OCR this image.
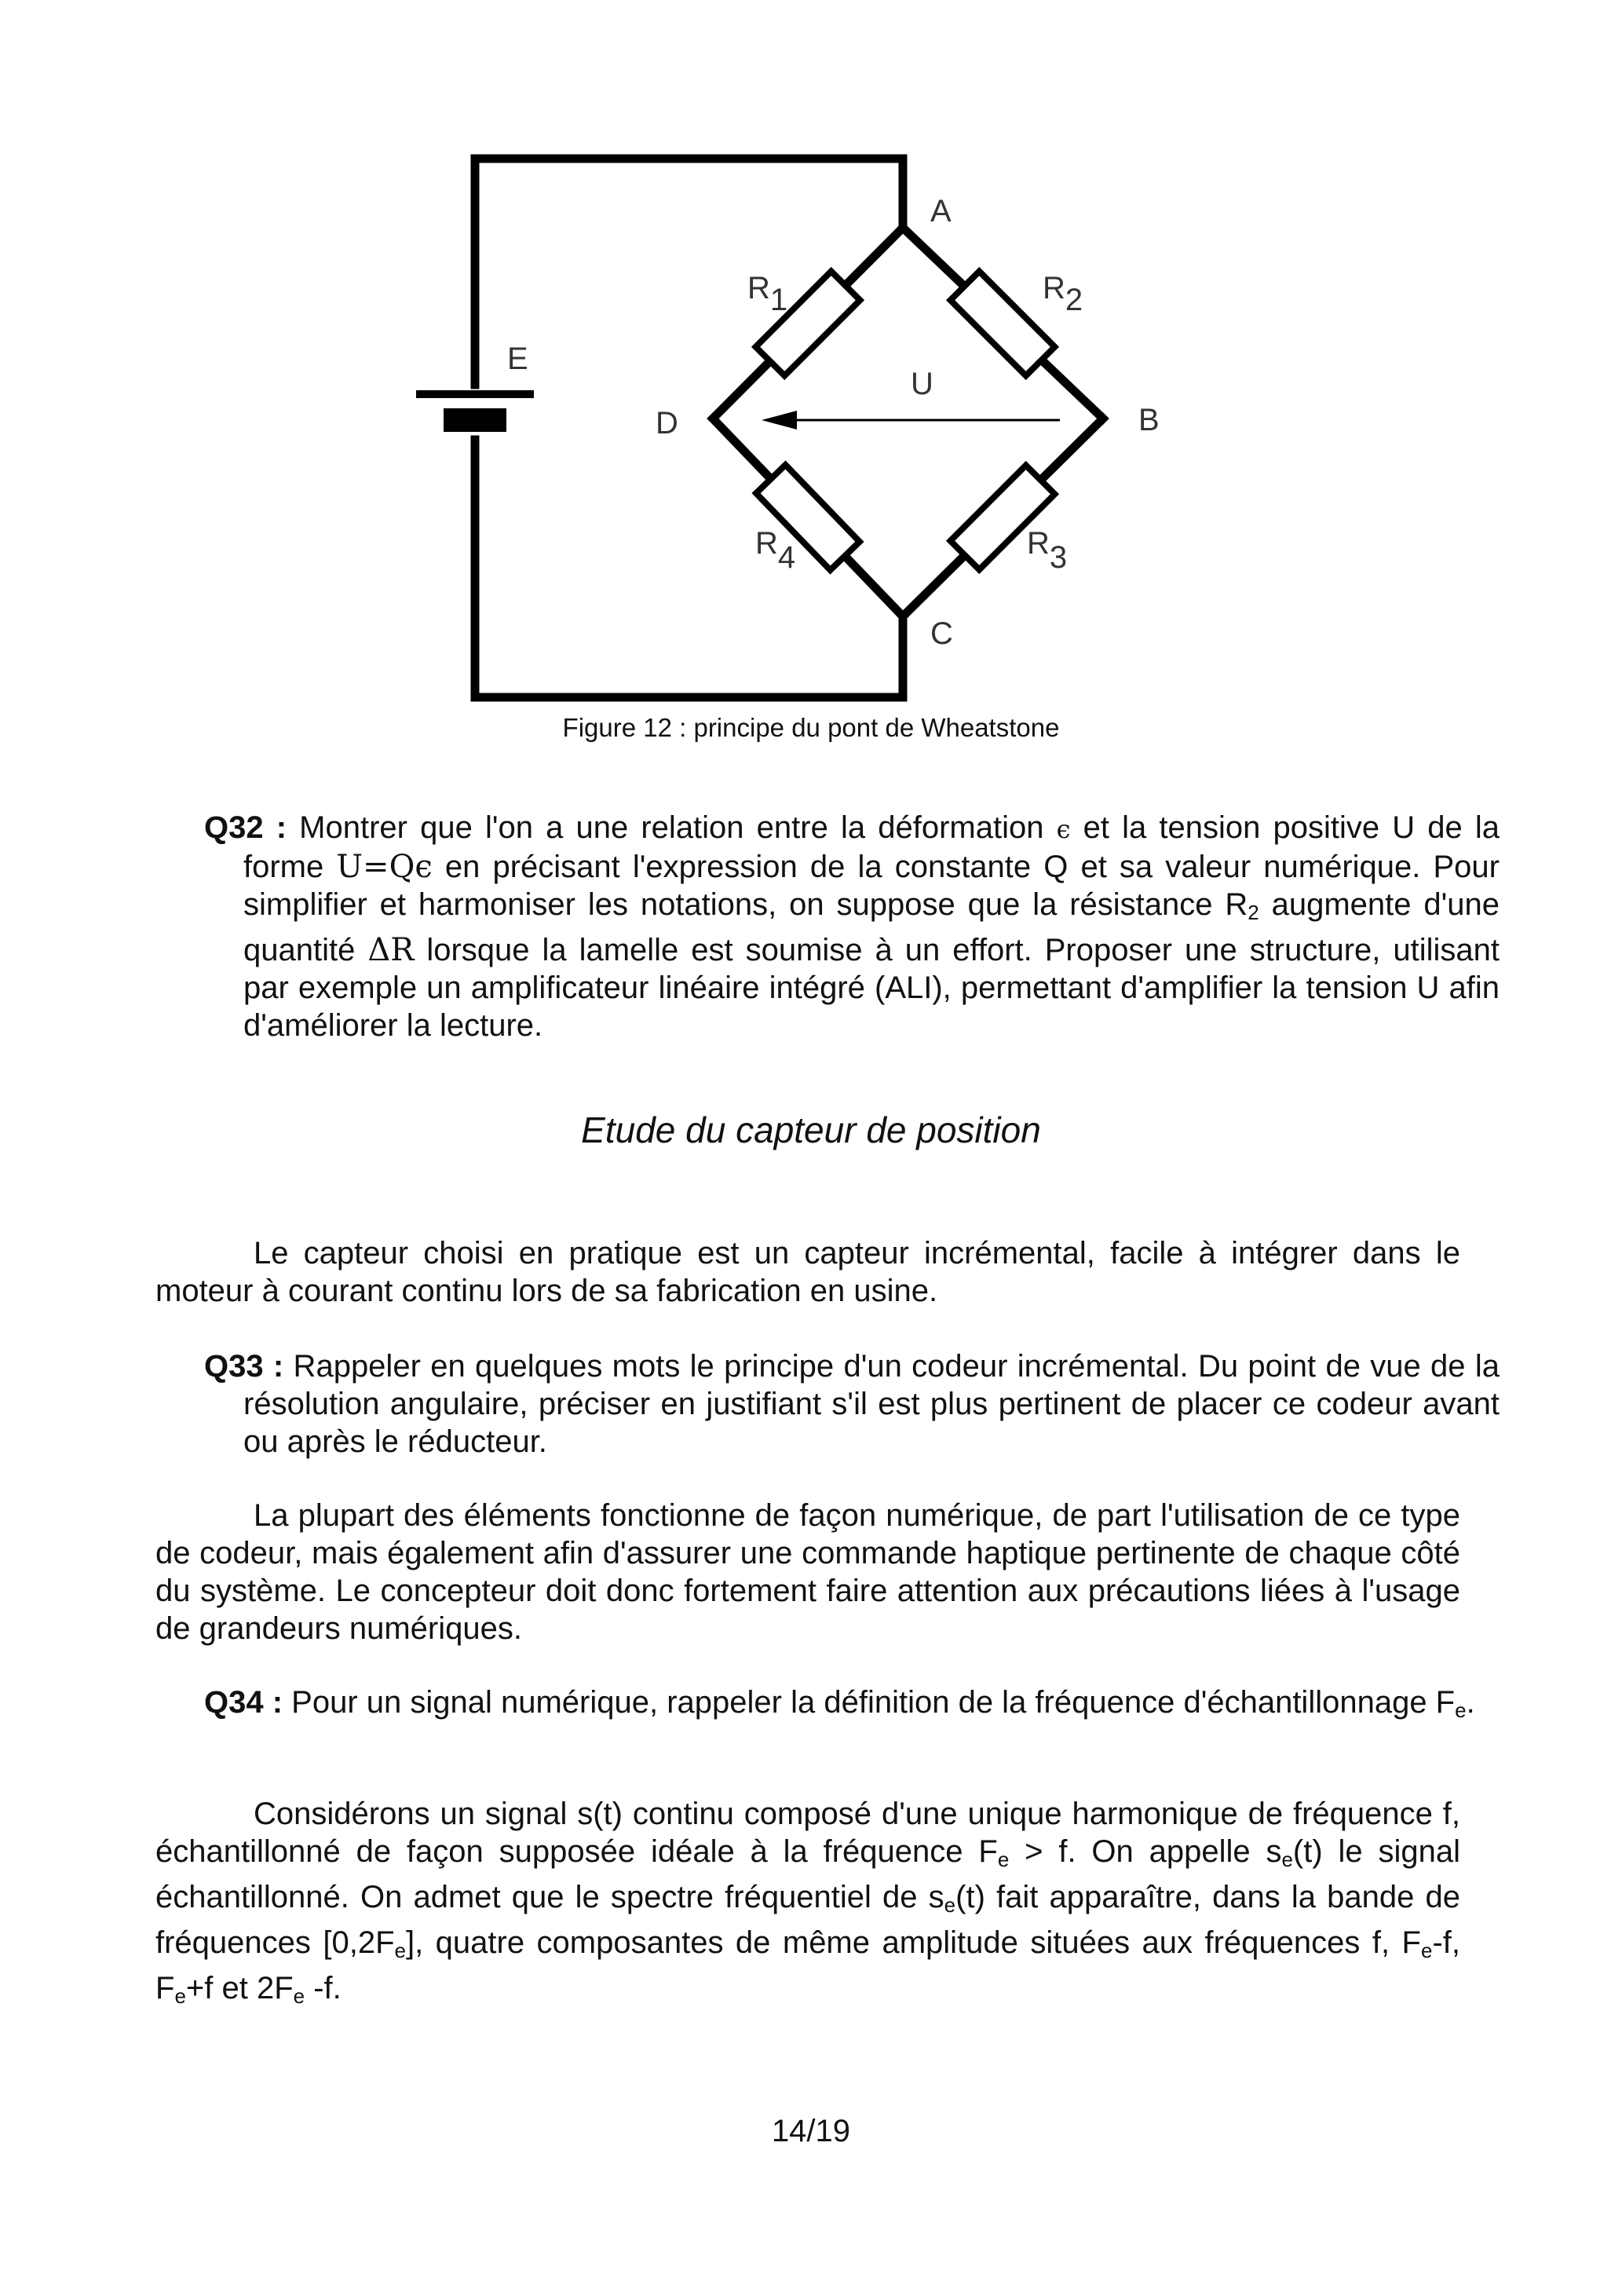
A
B
C
D
E
U
R1	R2
R4	R3
Figure 12 : principe du pont de Wheatstone
Q32 : Montrer que l'on a une relation entre la déformation ϵ et la tension positive U de la forme U=Qϵ en précisant l'expression de la constante Q et sa valeur numérique. Pour simplifier et harmoniser les notations, on suppose que la résistance $R_2$ augmente d'une quantité ΔR lorsque la lamelle est soumise à un effort. Proposer une structure, utilisant par exemple un amplificateur linéaire intégré (ALI), permettant d'amplifier la tension U afin d'améliorer la lecture.
Etude du capteur de position
Le capteur choisi en pratique est un capteur incrémental, facile à intégrer dans le moteur à courant continu lors de sa fabrication en usine.
Q33 : Rappeler en quelques mots le principe d'un codeur incrémental. Du point de vue de la résolution angulaire, préciser en justifiant s'il est plus pertinent de placer ce codeur avant ou après le réducteur.
La plupart des éléments fonctionne de façon numérique, de part l'utilisation de ce type de codeur, mais également afin d'assurer une commande haptique pertinente de chaque côté du système. Le concepteur doit donc fortement faire attention aux précautions liées à l'usage de grandeurs numériques.
Q34 : Pour un signal numérique, rappeler la définition de la fréquence d'échantillonnage $F_e$.
Considérons un signal s(t) continu composé d'une unique harmonique de fréquence f, échantillonné de façon supposée idéale à la fréquence $F_e > f$. On appelle $s_e(t)$ le signal échantillonné. On admet que le spectre fréquentiel de $s_e(t)$ fait apparaître, dans la bande de fréquences $[0,2F_e]$, quatre composantes de même amplitude situées aux fréquences f, $F_e-f$, $F_e+f$ et $2F_e$ -f.
14/19
